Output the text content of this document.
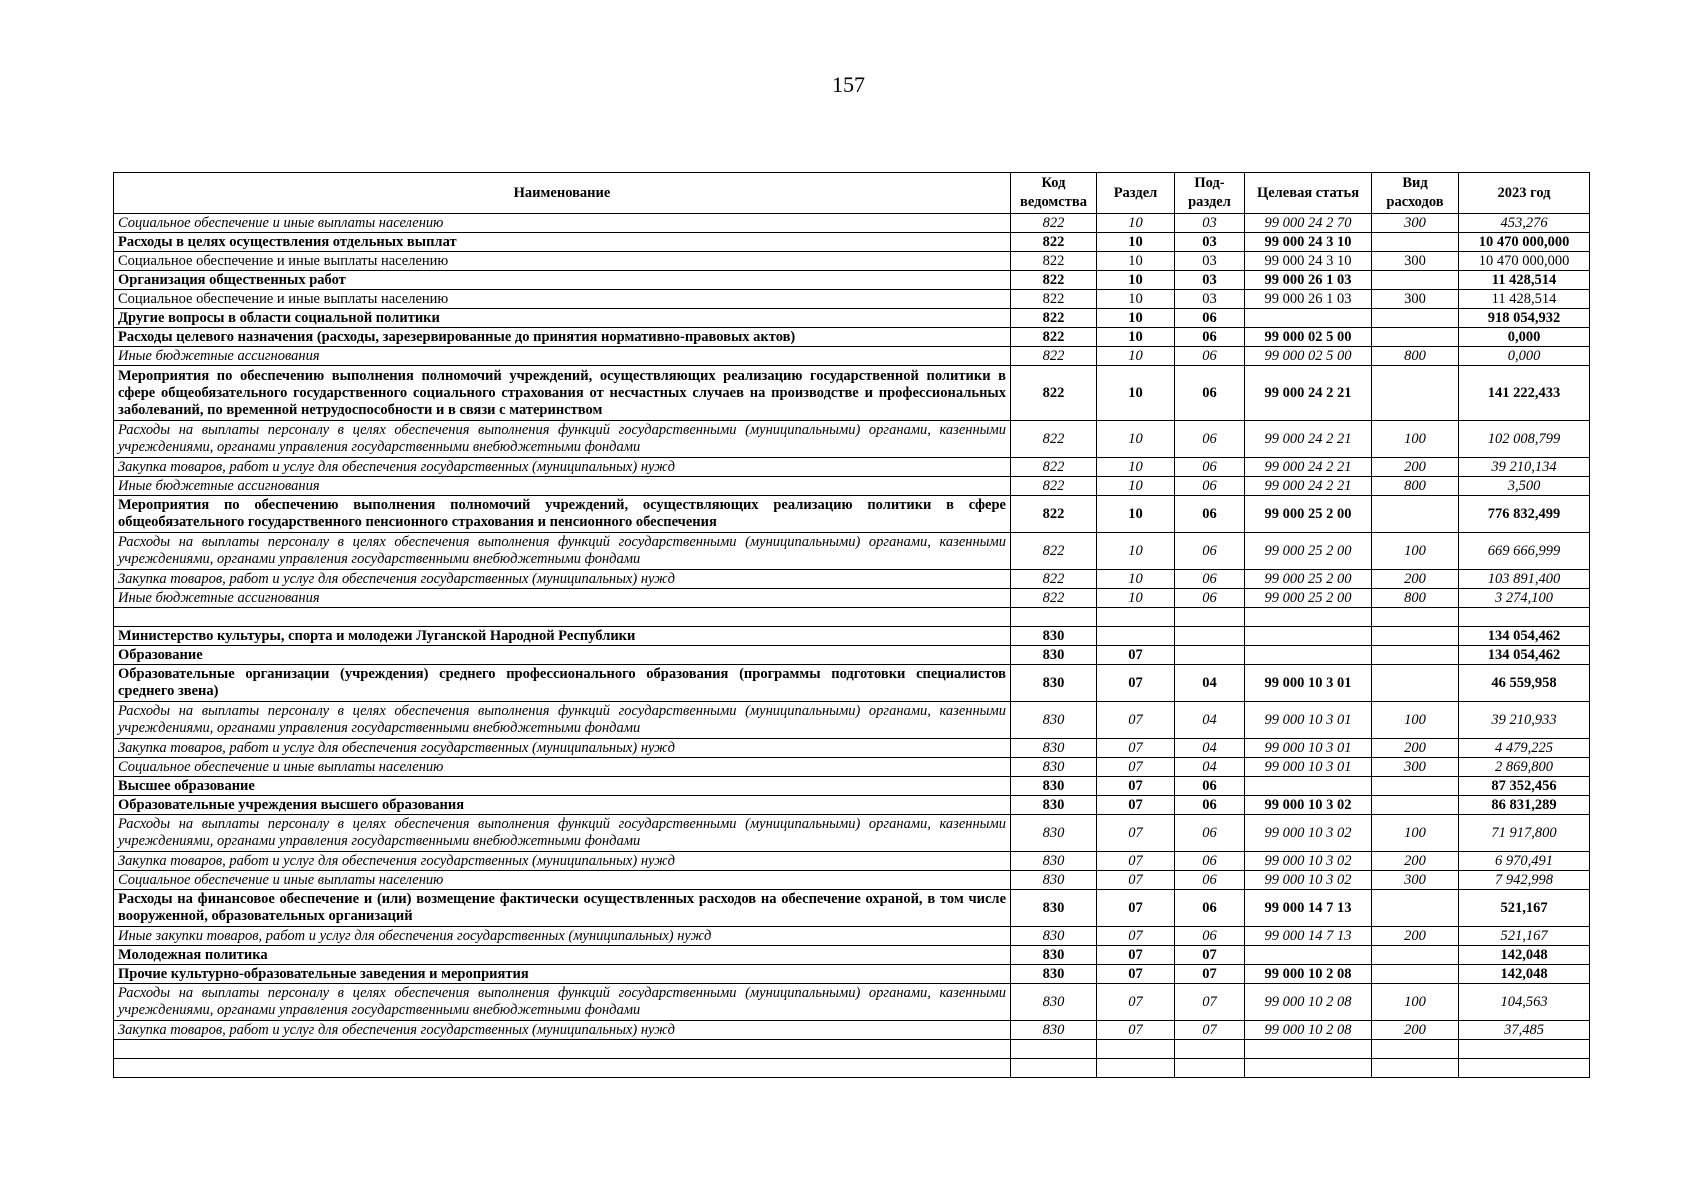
157
Наименование	Код ведомства	Раздел	Под-раздел	Целевая статья	Вид расходов	2023 год
Социальное обеспечение и иные выплаты населению	822	10	03	99 000 24 2 70	300	453,276
Расходы в целях осуществления отдельных выплат	822	10	03	99 000 24 3 10		10 470 000,000
Социальное обеспечение и иные выплаты населению	822	10	03	99 000 24 3 10	300	10 470 000,000
Организация общественных работ	822	10	03	99 000 26 1 03		11 428,514
Социальное обеспечение и иные выплаты населению	822	10	03	99 000 26 1 03	300	11 428,514
Другие вопросы в области социальной политики	822	10	06			918 054,932
Расходы целевого назначения (расходы, зарезервированные до принятия нормативно-правовых актов)	822	10	06	99 000 02 5 00		0,000
Иные бюджетные ассигнования	822	10	06	99 000 02 5 00	800	0,000
Мероприятия по обеспечению выполнения полномочий учреждений, осуществляющих реализацию государственной политики в сфере общеобязательного государственного социального страхования от несчастных случаев на производстве и профессиональных заболеваний, по временной нетрудоспособности и в связи с материнством	822	10	06	99 000 24 2 21		141 222,433
Расходы на выплаты персоналу в целях обеспечения выполнения функций государственными (муниципальными) органами, казенными учреждениями, органами управления государственными внебюджетными фондами	822	10	06	99 000 24 2 21	100	102 008,799
Закупка товаров, работ и услуг для обеспечения государственных (муниципальных) нужд	822	10	06	99 000 24 2 21	200	39 210,134
Иные бюджетные ассигнования	822	10	06	99 000 24 2 21	800	3,500
Мероприятия по обеспечению выполнения полномочий учреждений, осуществляющих реализацию политики в сфере общеобязательного государственного пенсионного страхования и пенсионного обеспечения	822	10	06	99 000 25 2 00		776 832,499
Расходы на выплаты персоналу в целях обеспечения выполнения функций государственными (муниципальными) органами, казенными учреждениями, органами управления государственными внебюджетными фондами	822	10	06	99 000 25 2 00	100	669 666,999
Закупка товаров, работ и услуг для обеспечения государственных (муниципальных) нужд	822	10	06	99 000 25 2 00	200	103 891,400
Иные бюджетные ассигнования	822	10	06	99 000 25 2 00	800	3 274,100

Министерство культуры, спорта и молодежи Луганской Народной Республики	830					134 054,462
Образование	830	07				134 054,462
Образовательные организации (учреждения) среднего профессионального образования (программы подготовки специалистов среднего звена)	830	07	04	99 000 10 3 01		46 559,958
Расходы на выплаты персоналу в целях обеспечения выполнения функций государственными (муниципальными) органами, казенными учреждениями, органами управления государственными внебюджетными фондами	830	07	04	99 000 10 3 01	100	39 210,933
Закупка товаров, работ и услуг для обеспечения государственных (муниципальных) нужд	830	07	04	99 000 10 3 01	200	4 479,225
Социальное обеспечение и иные выплаты населению	830	07	04	99 000 10 3 01	300	2 869,800
Высшее образование	830	07	06			87 352,456
Образовательные учреждения высшего образования	830	07	06	99 000 10 3 02		86 831,289
Расходы на выплаты персоналу в целях обеспечения выполнения функций государственными (муниципальными) органами, казенными учреждениями, органами управления государственными внебюджетными фондами	830	07	06	99 000 10 3 02	100	71 917,800
Закупка товаров, работ и услуг для обеспечения государственных (муниципальных) нужд	830	07	06	99 000 10 3 02	200	6 970,491
Социальное обеспечение и иные выплаты населению	830	07	06	99 000 10 3 02	300	7 942,998
Расходы на финансовое обеспечение и (или) возмещение фактически осуществленных расходов на обеспечение охраной, в том числе вооруженной, образовательных организаций	830	07	06	99 000 14 7 13		521,167
Иные закупки товаров, работ и услуг для обеспечения государственных (муниципальных) нужд	830	07	06	99 000 14 7 13	200	521,167
Молодежная политика	830	07	07			142,048
Прочие культурно-образовательные заведения и мероприятия	830	07	07	99 000 10 2 08		142,048
Расходы на выплаты персоналу в целях обеспечения выполнения функций государственными (муниципальными) органами, казенными учреждениями, органами управления государственными внебюджетными фондами	830	07	07	99 000 10 2 08	100	104,563
Закупка товаров, работ и услуг для обеспечения государственных (муниципальных) нужд	830	07	07	99 000 10 2 08	200	37,485
